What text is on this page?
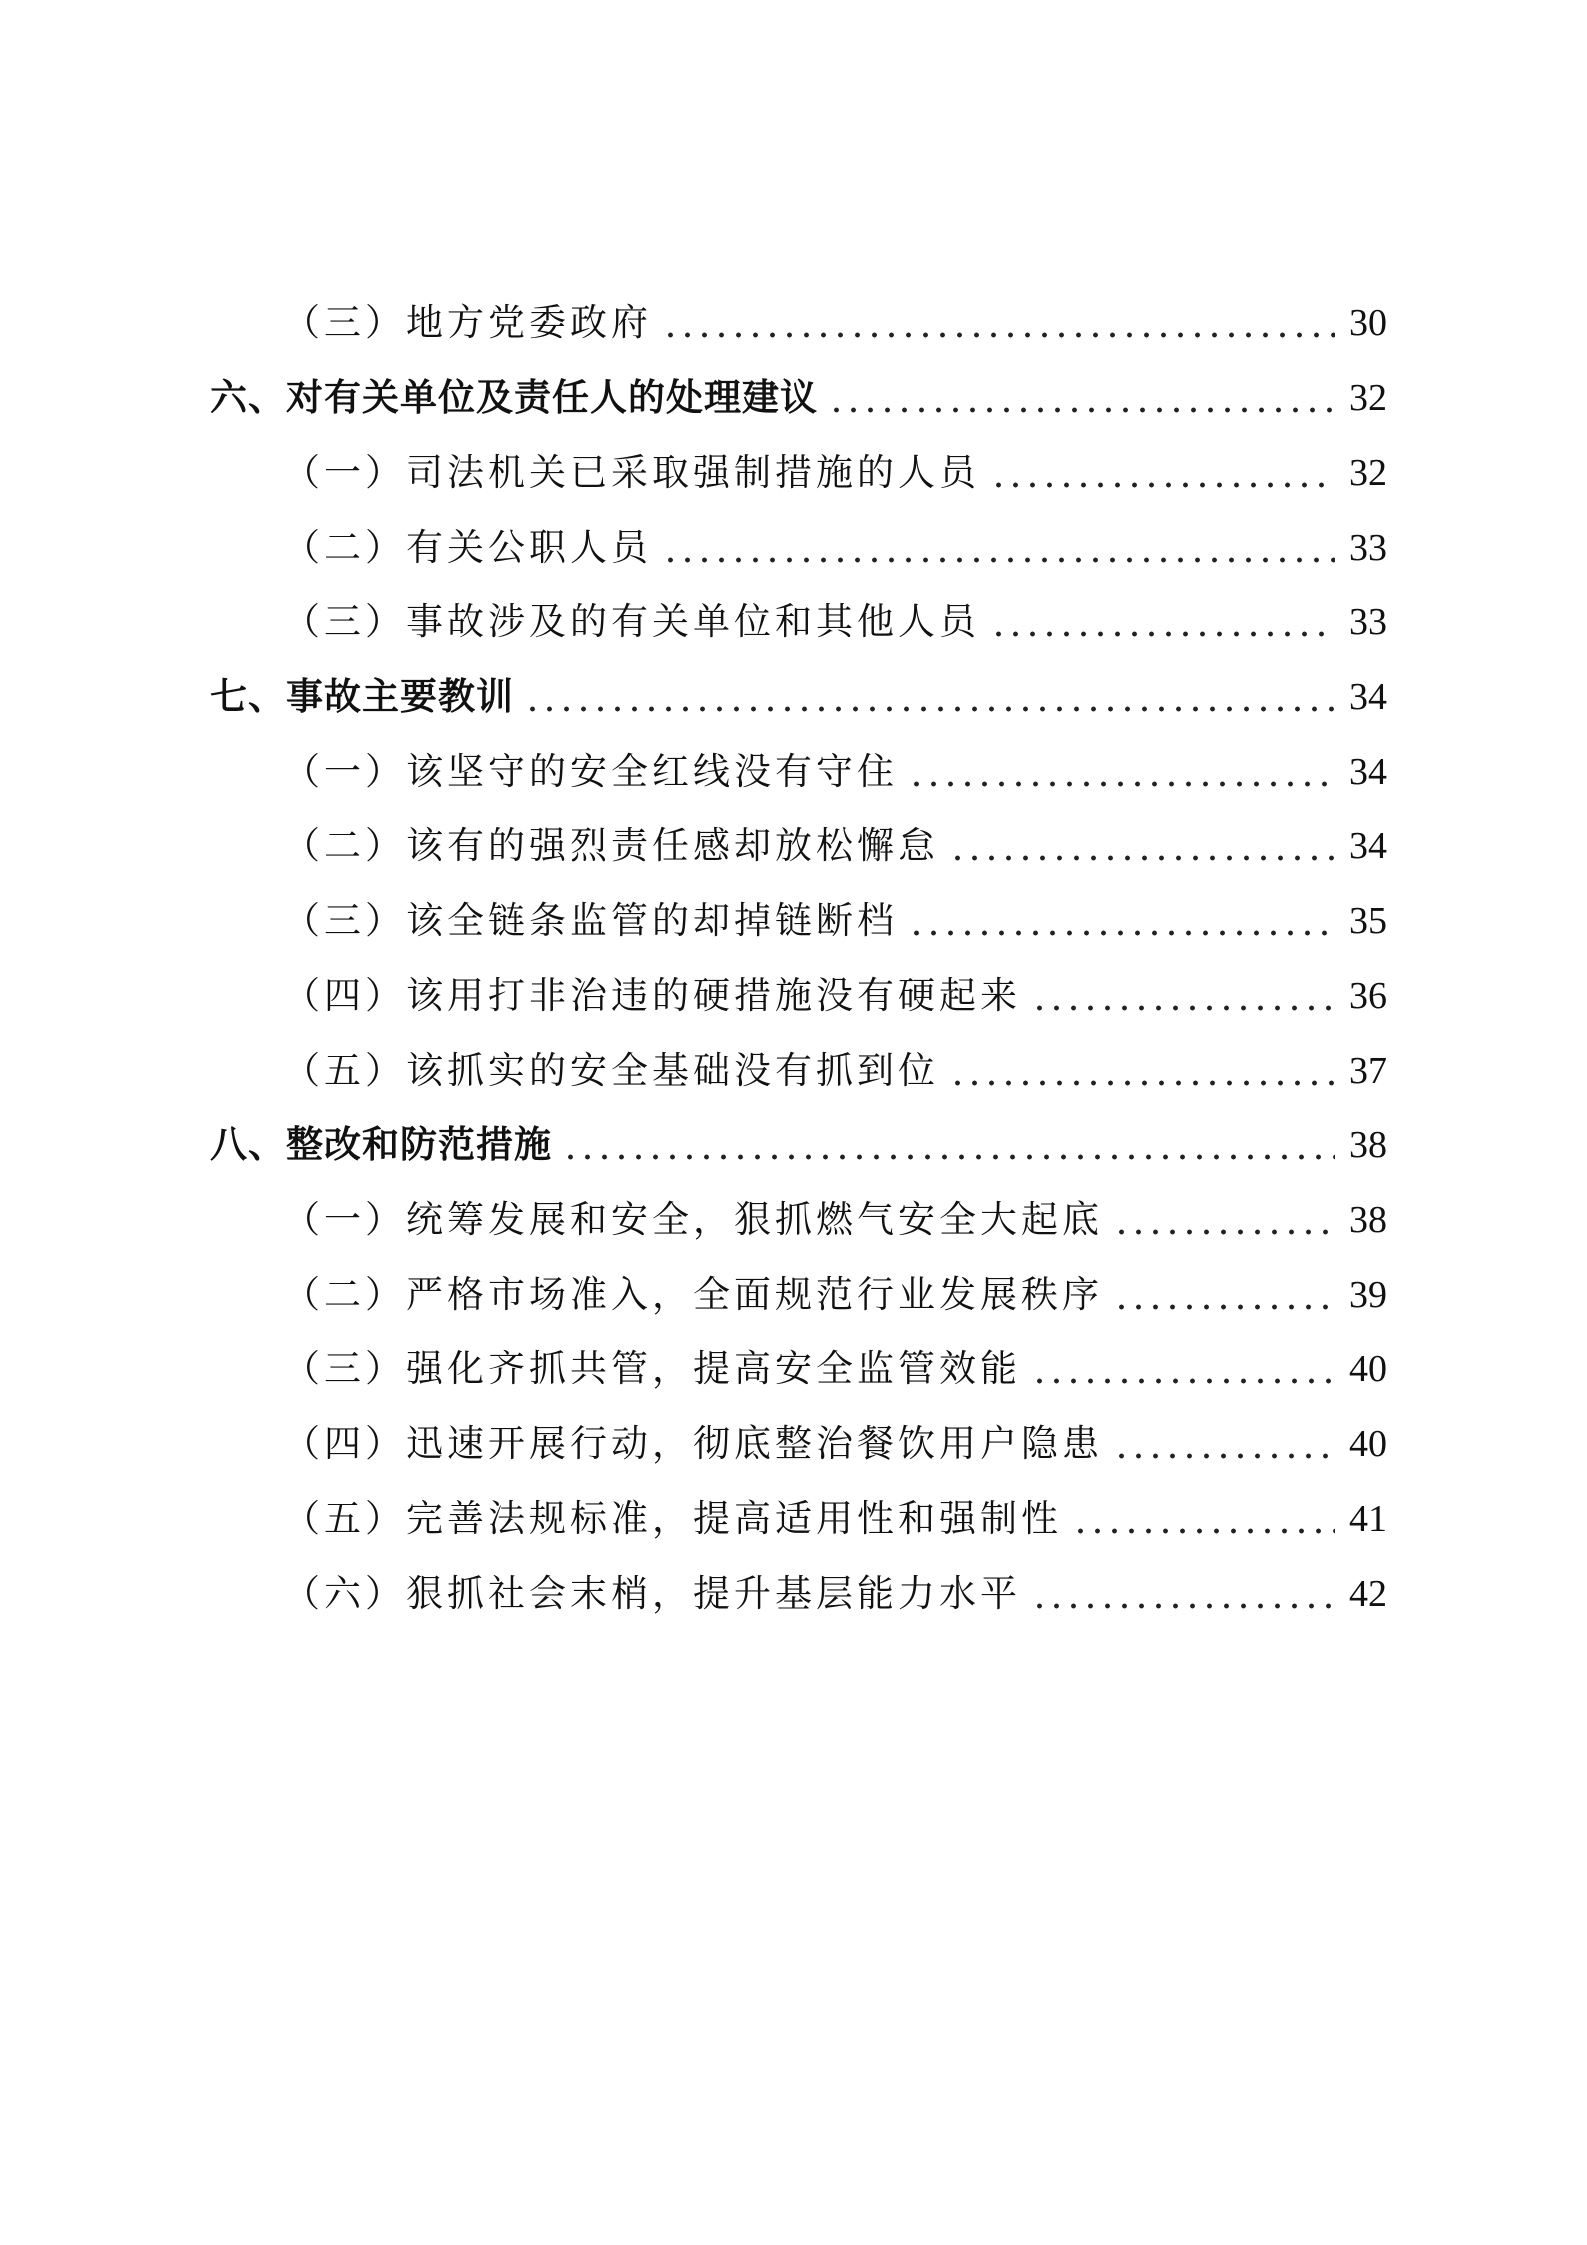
（三）地方党委政府	30
六、对有关单位及责任人的处理建议	32
（一）司法机关已采取强制措施的人员	32
（二）有关公职人员	33
（三）事故涉及的有关单位和其他人员	33
七、事故主要教训	34
（一）该坚守的安全红线没有守住	34
（二）该有的强烈责任感却放松懈怠	34
（三）该全链条监管的却掉链断档	35
（四）该用打非治违的硬措施没有硬起来	36
（五）该抓实的安全基础没有抓到位	37
八、整改和防范措施	38
（一）统筹发展和安全，狠抓燃气安全大起底	38
（二）严格市场准入，全面规范行业发展秩序	39
（三）强化齐抓共管，提高安全监管效能	40
（四）迅速开展行动，彻底整治餐饮用户隐患	40
（五）完善法规标准，提高适用性和强制性	41
（六）狠抓社会末梢，提升基层能力水平	42
